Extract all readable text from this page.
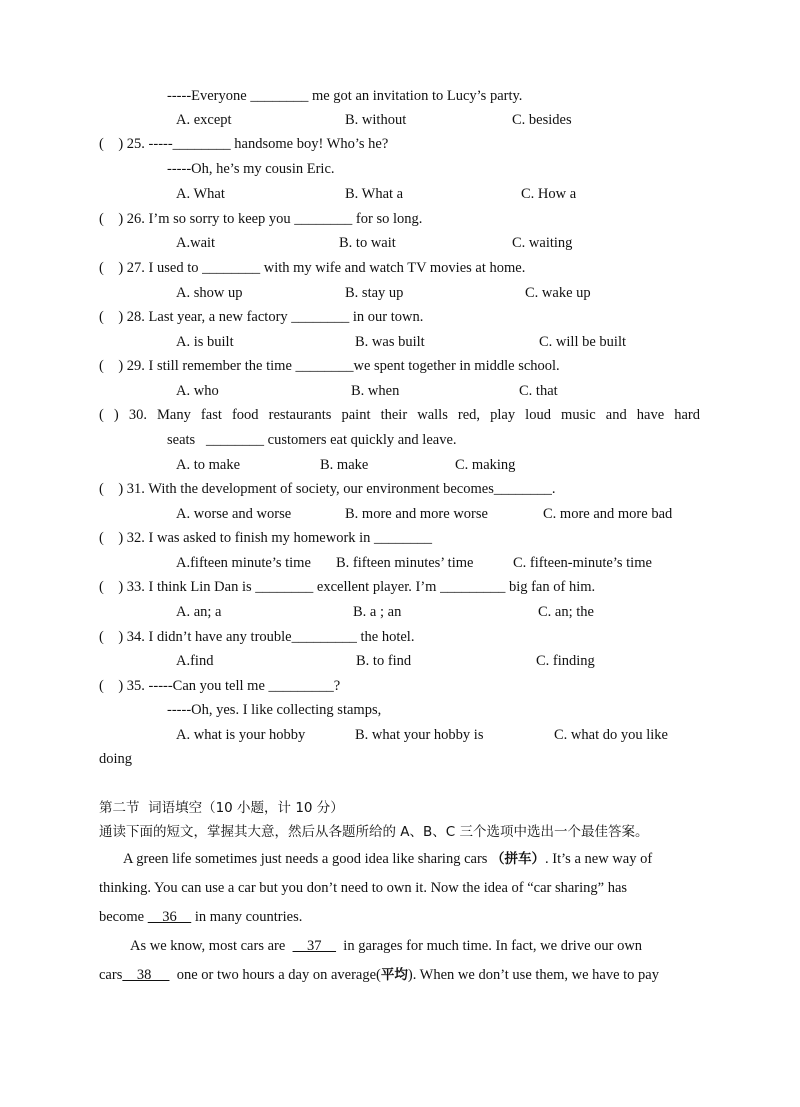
-----Everyone ________ me got an invitation to Lucy’s party.
A. except	B. without	C. besides
(    ) 25. -----________ handsome boy! Who’s he?
-----Oh, he’s my cousin Eric.
A. What	B. What a	C. How a
(    ) 26. I’m so sorry to keep you ________ for so long.
A.wait	B. to wait	C. waiting
(    ) 27. I used to ________ with my wife and watch TV movies at home.
A. show up	B. stay up	C. wake up
(    ) 28. Last year, a new factory ________ in our town.
A. is built	B. was built	C. will be built
(    ) 29. I still remember the time ________we spent together in middle school.
A. who	B. when	C. that
( ) 30. Many fast food restaurants paint their walls red, play loud music and have hard
seats   ________ customers eat quickly and leave.
A. to make	B. make	C. making
(    ) 31. With the development of society, our environment becomes________.
A. worse and worse	B. more and more worse	C. more and more bad
(    ) 32. I was asked to finish my homework in ________
A.fifteen minute’s time B. fifteen minutes’ time	C. fifteen-minute’s time
(    ) 33. I think Lin Dan is ________ excellent player. I’m _________ big fan of him.
A. an; a	B. a ; an	C. an; the
(    ) 34. I didn’t have any trouble_________ the hotel.
A.find	B. to find	C. finding
(    ) 35. -----Can you tell me _________?
-----Oh, yes. I like collecting stamps,
A. what is your hobby	B. what your hobby is	C. what do you like
doing
第二节  词语填空（10 小题，计 10 分）
通读下面的短文，掌握其大意，然后从各题所给的 A、B、C 三个选项中选出一个最佳答案。
A green life sometimes just needs a good idea like sharing cars （拼车）. It’s a new way of
thinking. You can use a car but you don’t need to own it. Now the idea of “car sharing” has
become     36     in many countries.
As we know, most cars are      37      in garages for much time. In fact, we drive our own
cars    38       one or two hours a day on average(平均). When we don’t use them, we have to pay
